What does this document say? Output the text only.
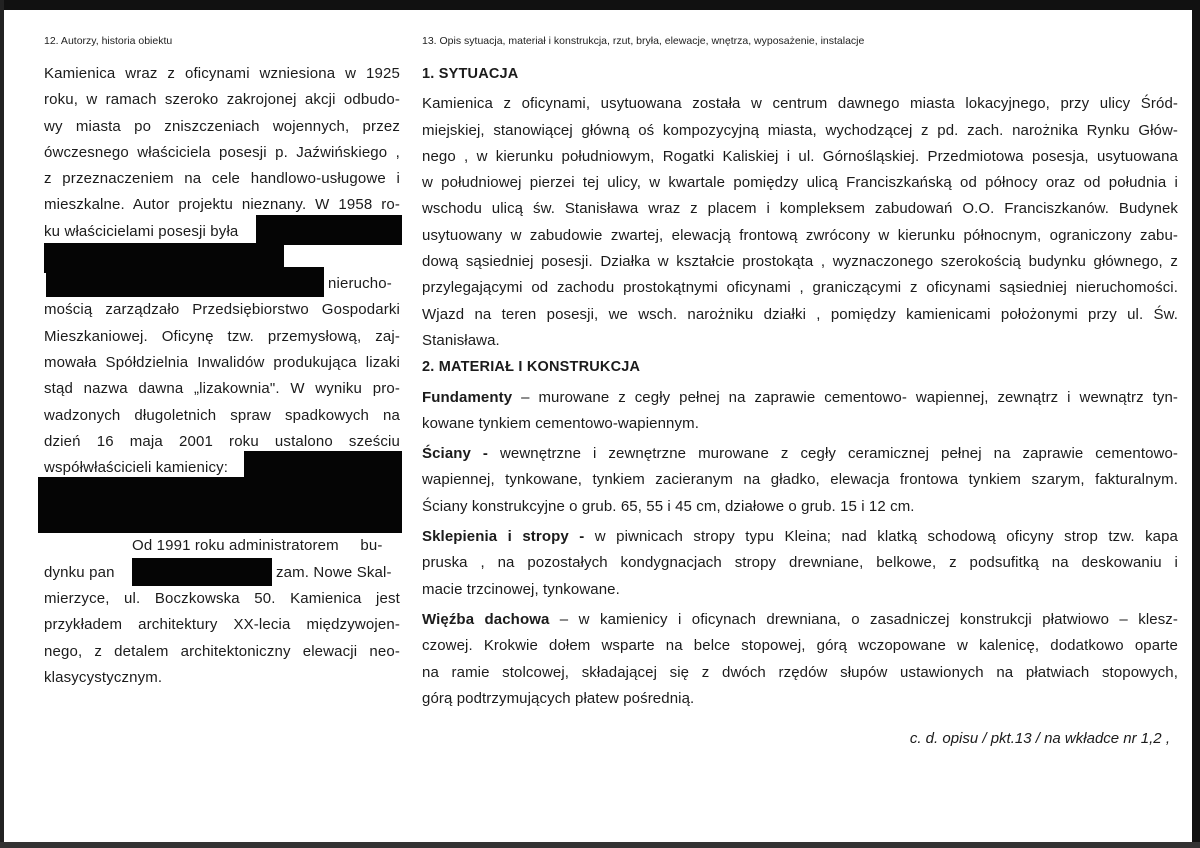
12. Autorzy, historia obiektu
Kamienica wraz z oficynami wzniesiona w 1925
roku, w ramach szeroko zakrojonej akcji odbudo-
wy miasta po zniszczeniach wojennych, przez
ówczesnego właściciela posesji p. Jaźwińskiego ,
z przeznaczeniem na cele handlowo-usługowe i
mieszkalne. Autor projektu nieznany. W 1958 ro-
ku właścicielami posesji była
nierucho-

mością zarządzało Przedsiębiorstwo Gospodarki
Mieszkaniowej. Oficynę tzw. przemysłową, zaj-
mowała Spółdzielnia Inwalidów produkująca lizaki
stąd nazwa dawna „lizakownia". W wyniku pro-
wadzonych długoletnich spraw spadkowych na
dzień 16 maja 2001 roku ustalono sześciu
współwłaścicieli kamienicy:
Od 1991 roku administratorem     bu-

dynku pan	zam. Nowe Skal-
mierzyce, ul. Boczkowska 50. Kamienica jest
przykładem architektury XX-lecia międzywojen-
nego, z detalem architektoniczny elewacji neo-
klasycystycznym.
13. Opis sytuacja, materiał i konstrukcja, rzut, bryła, elewacje, wnętrza, wyposażenie, instalacje
1. SYTUACJA
Kamienica z oficynami, usytuowana została w centrum dawnego miasta lokacyjnego, przy ulicy Śród-
miejskiej, stanowiącej główną oś kompozycyjną miasta, wychodzącej z pd. zach. narożnika Rynku Głów-
nego , w kierunku południowym, Rogatki Kaliskiej i ul. Górnośląskiej. Przedmiotowa posesja, usytuowana
w południowej pierzei tej ulicy, w kwartale pomiędzy ulicą Franciszkańską od północy oraz od południa i
wschodu ulicą św. Stanisława wraz z placem i kompleksem zabudowań O.O. Franciszkanów. Budynek
usytuowany w zabudowie zwartej, elewacją frontową zwrócony w kierunku północnym, ograniczony zabu-
dową sąsiedniej posesji. Działka w kształcie prostokąta , wyznaczonego szerokością budynku głównego, z
przylegającymi od zachodu prostokątnymi oficynami , graniczącymi z oficynami sąsiedniej nieruchomości.
Wjazd na teren posesji, we wsch. narożniku działki , pomiędzy kamienicami położonymi przy ul. Św.
Stanisława.
2. MATERIAŁ I KONSTRUKCJA
Fundamenty – murowane z cegły pełnej na zaprawie cementowo- wapiennej, zewnątrz i wewnątrz tyn-
kowane tynkiem cementowo-wapiennym.
Ściany - wewnętrzne i zewnętrzne murowane z cegły ceramicznej pełnej na zaprawie cementowo-
wapiennej, tynkowane, tynkiem zacieranym na gładko, elewacja frontowa tynkiem szarym, fakturalnym.
Ściany konstrukcyjne o grub. 65, 55 i 45 cm, działowe o grub. 15 i 12 cm.
Sklepienia i stropy - w piwnicach stropy typu Kleina; nad klatką schodową oficyny strop tzw. kapa
pruska , na pozostałych kondygnacjach stropy drewniane, belkowe, z podsufitką na deskowaniu i
macie trzcinowej, tynkowane.
Więźba dachowa – w kamienicy i oficynach drewniana, o zasadniczej konstrukcji płatwiowo – klesz-
czowej. Krokwie dołem wsparte na belce stopowej, górą wczopowane w kalenicę, dodatkowo oparte
na ramie stolcowej, składającej się z dwóch rzędów słupów ustawionych na płatwiach stopowych,
górą podtrzymujących płatew pośrednią.
c. d. opisu / pkt.13 / na wkładce nr 1,2 ,
